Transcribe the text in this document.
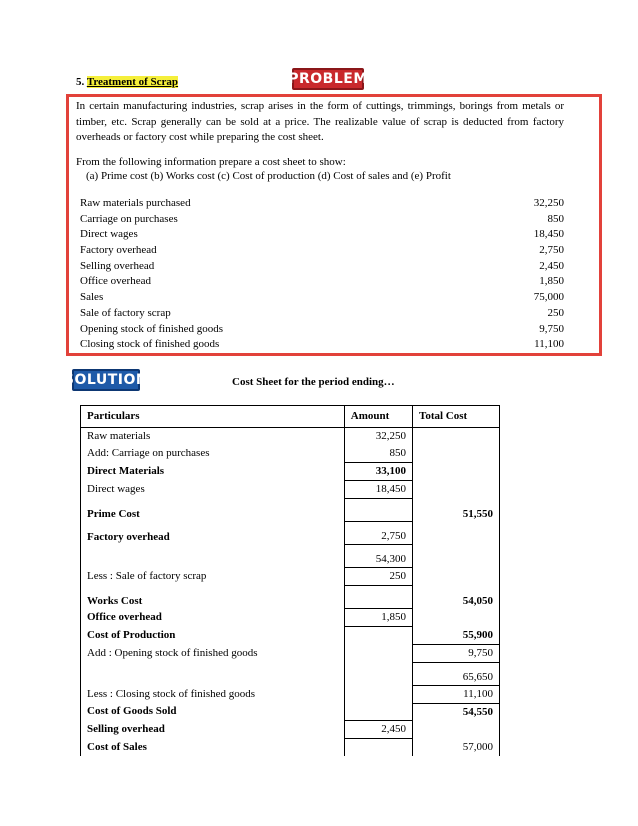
5. Treatment of Scrap	PROBLEM
In certain manufacturing industries, scrap arises in the form of cuttings, trimmings, borings from metals or timber, etc. Scrap generally can be sold at a price. The realizable value of scrap is deducted from factory overheads or factory cost while preparing the cost sheet.
From the following information prepare a cost sheet to show:
(a) Prime cost (b) Works cost (c) Cost of production (d) Cost of sales and (e) Profit
Raw materials purchased	32,250
Carriage on purchases	850
Direct wages	18,450
Factory overhead	2,750
Selling overhead	2,450
Office overhead	1,850
Sales	75,000
Sale of factory scrap	250
Opening stock of finished goods	9,750
Closing stock of finished goods	11,100
SOLUTION	Cost Sheet for the period ending…
Particulars	Amount	Total Cost
Raw materials	32,250	
Add: Carriage on purchases	850	
Direct Materials	33,100	
Direct wages	18,450	
Prime Cost		51,550
Factory overhead	2,750	
	54,300	
Less : Sale of factory scrap	250	
Works Cost		54,050
Office overhead	1,850	
Cost of Production		55,900
Add : Opening stock of finished goods		9,750
		65,650
Less : Closing stock of finished goods		11,100
Cost of Goods Sold		54,550
Selling overhead	2,450	
Cost of Sales		57,000
